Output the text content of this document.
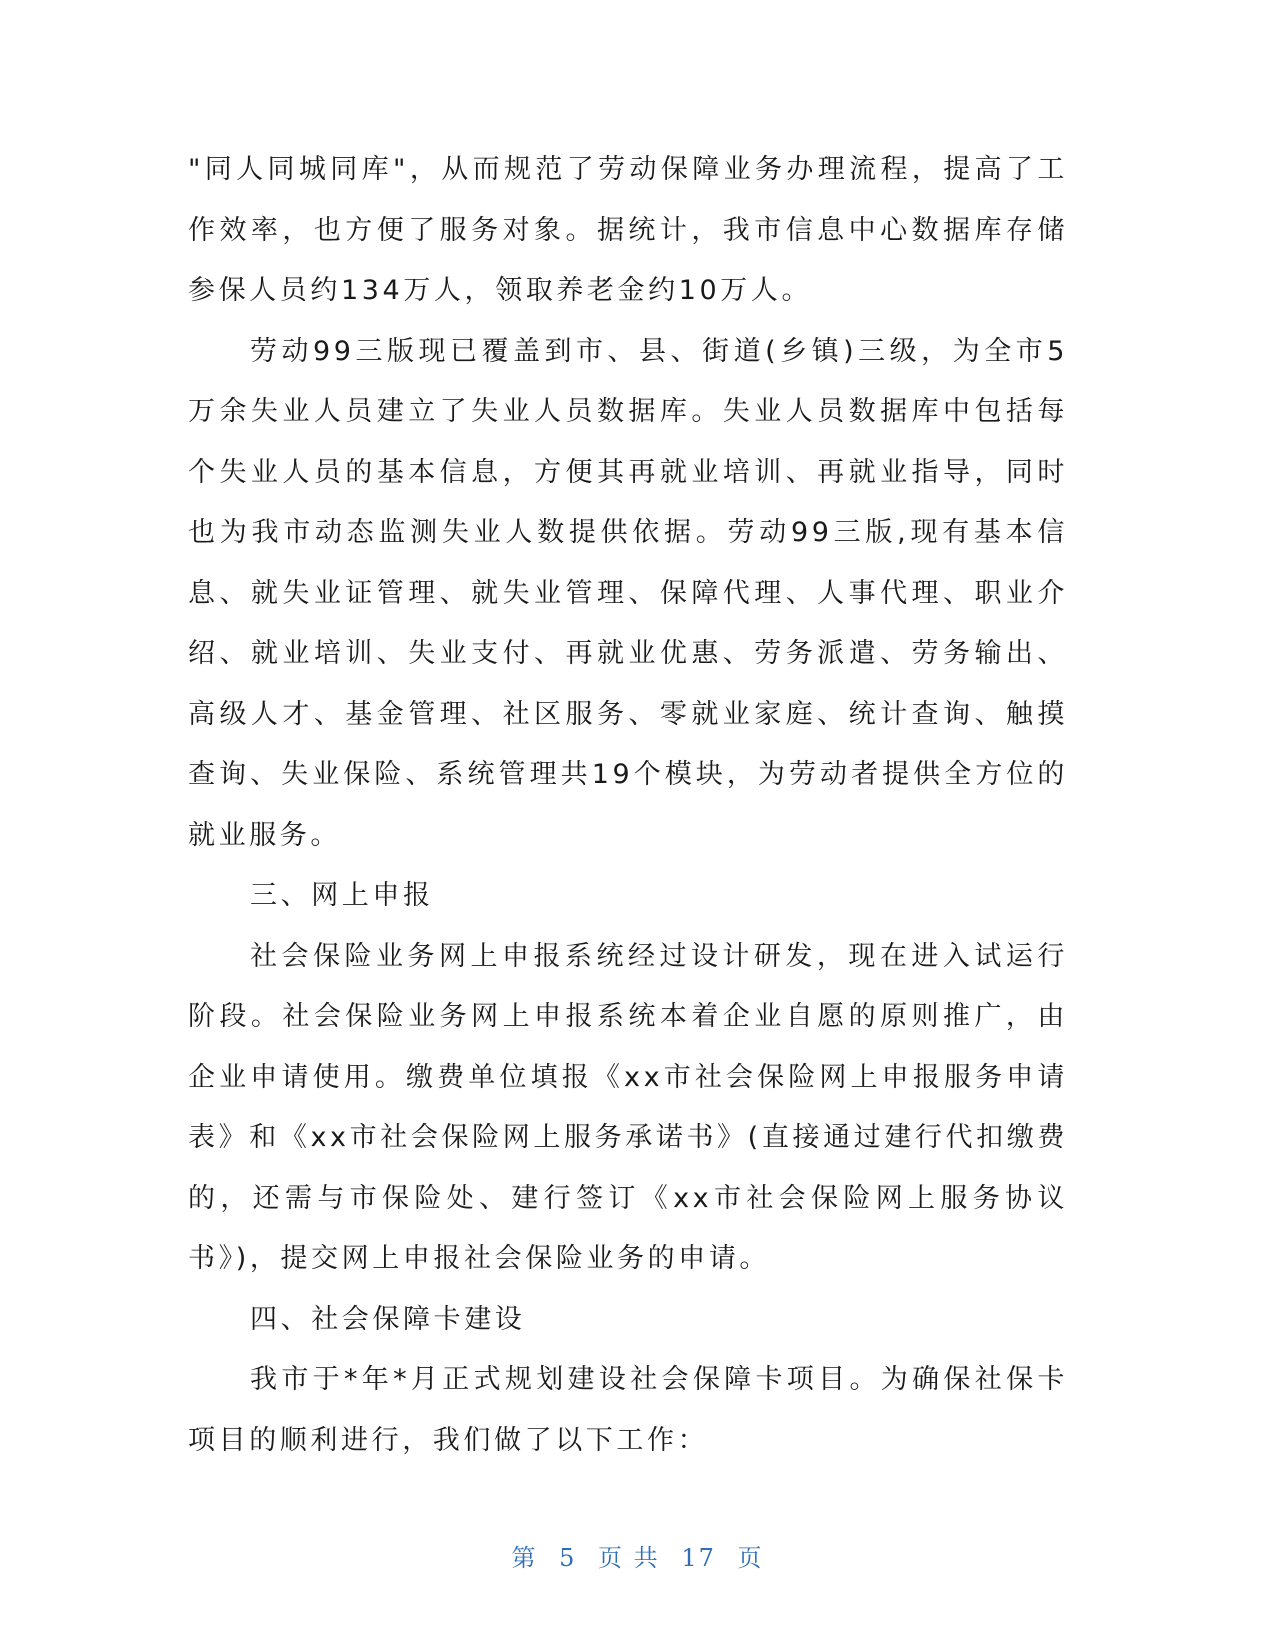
"同人同城同库"，从而规范了劳动保障业务办理流程，提高了工作效率，也方便了服务对象。据统计，我市信息中心数据库存储参保人员约134万人，领取养老金约10万人。

劳动99三版现已覆盖到市、县、街道(乡镇)三级，为全市5万余失业人员建立了失业人员数据库。失业人员数据库中包括每个失业人员的基本信息，方便其再就业培训、再就业指导，同时也为我市动态监测失业人数提供依据。劳动99三版,现有基本信息、就失业证管理、就失业管理、保障代理、人事代理、职业介绍、就业培训、失业支付、再就业优惠、劳务派遣、劳务输出、高级人才、基金管理、社区服务、零就业家庭、统计查询、触摸查询、失业保险、系统管理共19个模块，为劳动者提供全方位的就业服务。

三、网上申报

社会保险业务网上申报系统经过设计研发，现在进入试运行阶段。社会保险业务网上申报系统本着企业自愿的原则推广，由企业申请使用。缴费单位填报《xx市社会保险网上申报服务申请表》和《xx市社会保险网上服务承诺书》(直接通过建行代扣缴费的，还需与市保险处、建行签订《xx市社会保险网上服务协议书》)，提交网上申报社会保险业务的申请。

四、社会保障卡建设

我市于*年*月正式规划建设社会保障卡项目。为确保社保卡项目的顺利进行，我们做了以下工作：

第 5 页 共 17 页
